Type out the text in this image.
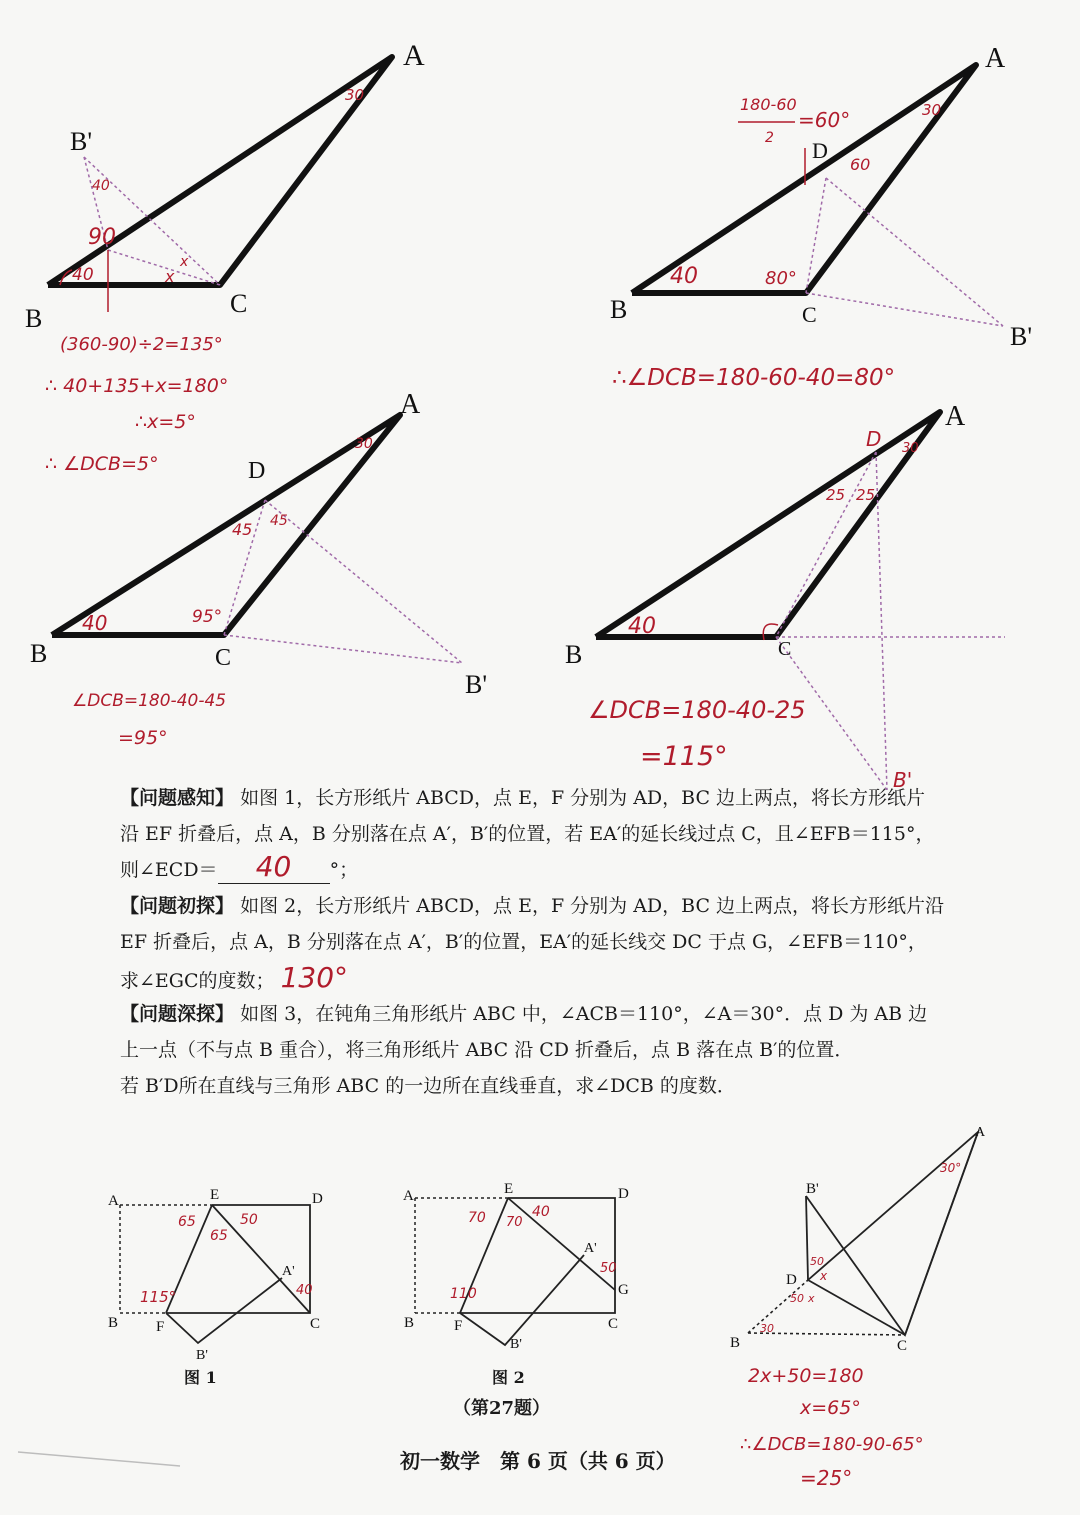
A
B
C
B'
30
40
40
90
x
x
(360-90)÷2=135°
∴ 40+135+x=180°
∴x=5°
∴ ∠DCB=5°
A
B	C
D
B'
30
40	80°
60
180-60
2
=60°
∴∠DCB=180-60-40=80°
A
B	C
D
B'
30
40	95°
45 45
∠DCB=180-40-45
=95°
A
B	C
D
B'
30
40
25 25
∠DCB=180-40-25
=115°
【问题感知】 如图 1，长方形纸片 ABCD，点 E，F 分别为 AD，BC 边上两点，将长方形纸片
沿 EF 折叠后，点 A，B 分别落在点 A′，B′的位置，若 EA′的延长线过点 C，且∠EFB＝115°，
则∠ECD＝ 40 °；
【问题初探】 如图 2，长方形纸片 ABCD，点 E，F 分别为 AD，BC 边上两点，将长方形纸片沿
EF 折叠后，点 A，B 分别落在点 A′，B′的位置，EA′的延长线交 DC 于点 G，∠EFB＝110°，
求∠EGC的度数； 130°
【问题深探】 如图 3，在钝角三角形纸片 ABC 中，∠ACB＝110°，∠A＝30°．点 D 为 AB 边
上一点（不与点 B 重合），将三角形纸片 ABC 沿 CD 折叠后，点 B 落在点 B′的位置．
若 B′D所在直线与三角形 ABC 的一边所在直线垂直，求∠DCB 的度数．
A
B	C
D
E
F
A'
B'
65
65
50
115°	40
A
B	C
D
E
F
G
A'
B'
70 70
40
110
50
A
B	C
D
B'
30°
50
x
50 x
30
2x+50=180
x=65°
∴∠DCB=180-90-65°
=25°
图 1	图 2
（第27题）
初一数学　第 6 页（共 6 页）
